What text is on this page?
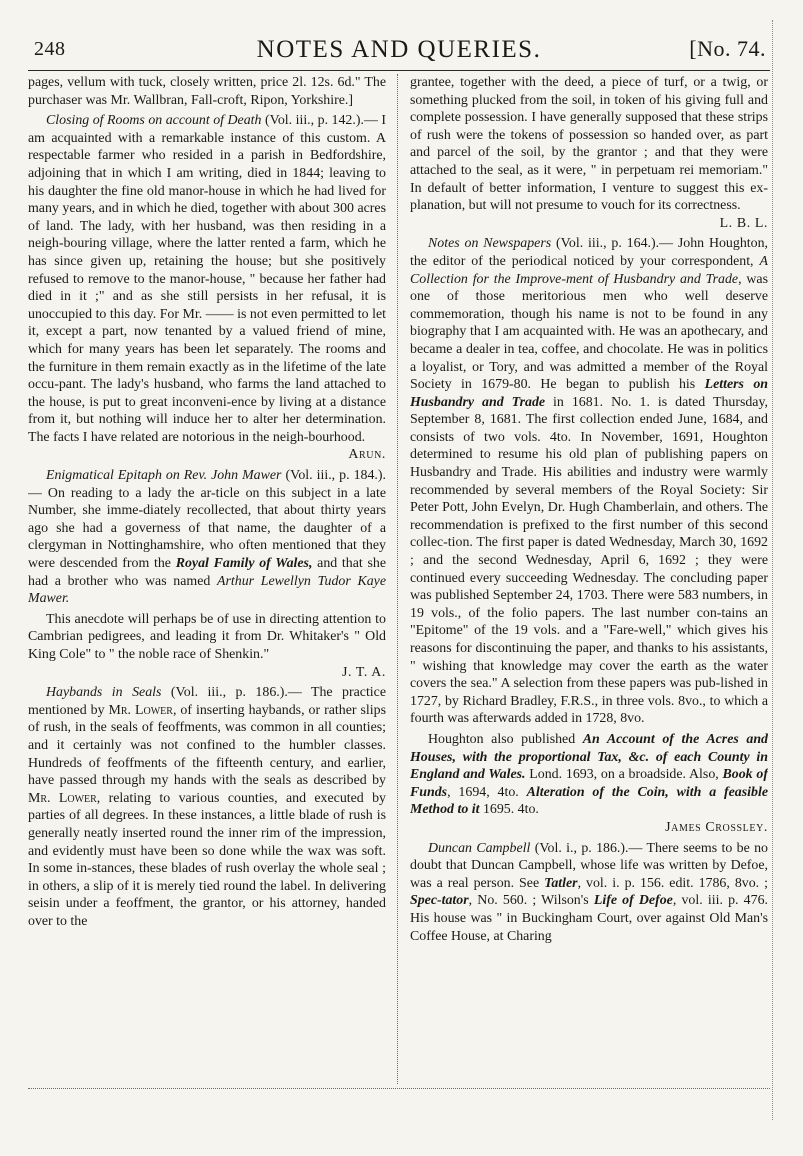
248	NOTES AND QUERIES.	[No. 74.

pages, vellum with tuck, closely written, price 2l. 12s. 6d." The purchaser was Mr. Wallbran, Fall-croft, Ripon, Yorkshire.]

Closing of Rooms on account of Death (Vol. iii., p. 142.).— I am acquainted with a remarkable instance of this custom. A respectable farmer who resided in a parish in Bedfordshire, adjoining that in which I am writing, died in 1844; leaving to his daughter the fine old manor-house in which he had lived for many years, and in which he died, together with about 300 acres of land. The lady, with her husband, was then residing in a neigh-bouring village, where the latter rented a farm, which he has since given up, retaining the house; but she positively refused to remove to the manor-house, " because her father had died in it ;" and as she still persists in her refusal, it is unoccupied to this day. For Mr. —— is not even permitted to let it, except a part, now tenanted by a valued friend of mine, which for many years has been let separately. The rooms and the furniture in them remain exactly as in the lifetime of the late occu-pant. The lady's husband, who farms the land attached to the house, is put to great inconveni-ence by living at a distance from it, but nothing will induce her to alter her determination. The facts I have related are notorious in the neigh-bourhood.
Arun.

Enigmatical Epitaph on Rev. John Mawer (Vol. iii., p. 184.).— On reading to a lady the ar-ticle on this subject in a late Number, she imme-diately recollected, that about thirty years ago she had a governess of that name, the daughter of a clergyman in Nottinghamshire, who often mentioned that they were descended from the Royal Family of Wales, and that she had a brother who was named Arthur Lewellyn Tudor Kaye Mawer.

This anecdote will perhaps be of use in directing attention to Cambrian pedigrees, and leading it from Dr. Whitaker's " Old King Cole" to " the noble race of Shenkin."
J. T. A.

Haybands in Seals (Vol. iii., p. 186.).— The practice mentioned by Mr. Lower, of inserting haybands, or rather slips of rush, in the seals of feoffments, was common in all counties; and it certainly was not confined to the humbler classes. Hundreds of feoffments of the fifteenth century, and earlier, have passed through my hands with the seals as described by Mr. Lower, relating to various counties, and executed by parties of all degrees. In these instances, a little blade of rush is generally neatly inserted round the inner rim of the impression, and evidently must have been so done while the wax was soft. In some in-stances, these blades of rush overlay the whole seal ; in others, a slip of it is merely tied round the label. In delivering seisin under a feoffment, the grantor, or his attorney, handed over to the

grantee, together with the deed, a piece of turf, or a twig, or something plucked from the soil, in token of his giving full and complete possession. I have generally supposed that these strips of rush were the tokens of possession so handed over, as part and parcel of the soil, by the grantor ; and that they were attached to the seal, as it were, " in perpetuam rei memoriam." In default of better information, I venture to suggest this ex-planation, but will not presume to vouch for its correctness.
L. B. L.

Notes on Newspapers (Vol. iii., p. 164.).— John Houghton, the editor of the periodical noticed by your correspondent, A Collection for the Improve-ment of Husbandry and Trade, was one of those meritorious men who well deserve commemoration, though his name is not to be found in any biography that I am acquainted with. He was an apothecary, and became a dealer in tea, coffee, and chocolate. He was in politics a loyalist, or Tory, and was admitted a member of the Royal Society in 1679-80. He began to publish his Letters on Husbandry and Trade in 1681. No. 1. is dated Thursday, September 8, 1681. The first collection ended June, 1684, and consists of two vols. 4to. In November, 1691, Houghton determined to resume his old plan of publishing papers on Husbandry and Trade. His abilities and industry were warmly recommended by several members of the Royal Society: Sir Peter Pott, John Evelyn, Dr. Hugh Chamberlain, and others. The recommendation is prefixed to the first number of this second collec-tion. The first paper is dated Wednesday, March 30, 1692 ; and the second Wednesday, April 6, 1692 ; they were continued every succeeding Wednesday. The concluding paper was published September 24, 1703. There were 583 numbers, in 19 vols., of the folio papers. The last number con-tains an "Epitome" of the 19 vols. and a "Fare-well," which gives his reasons for discontinuing the paper, and thanks to his assistants, " wishing that knowledge may cover the earth as the water covers the sea." A selection from these papers was pub-lished in 1727, by Richard Bradley, F.R.S., in three vols. 8vo., to which a fourth was afterwards added in 1728, 8vo.

Houghton also published An Account of the Acres and Houses, with the proportional Tax, &c. of each County in England and Wales. Lond. 1693, on a broadside. Also, Book of Funds, 1694, 4to. Alteration of the Coin, with a feasible Method to it 1695. 4to.
James Crossley.

Duncan Campbell (Vol. i., p. 186.).— There seems to be no doubt that Duncan Campbell, whose life was written by Defoe, was a real person. See Tatler, vol. i. p. 156. edit. 1786, 8vo. ; Spec-tator, No. 560. ; Wilson's Life of Defoe, vol. iii. p. 476. His house was " in Buckingham Court, over against Old Man's Coffee House, at Charing
